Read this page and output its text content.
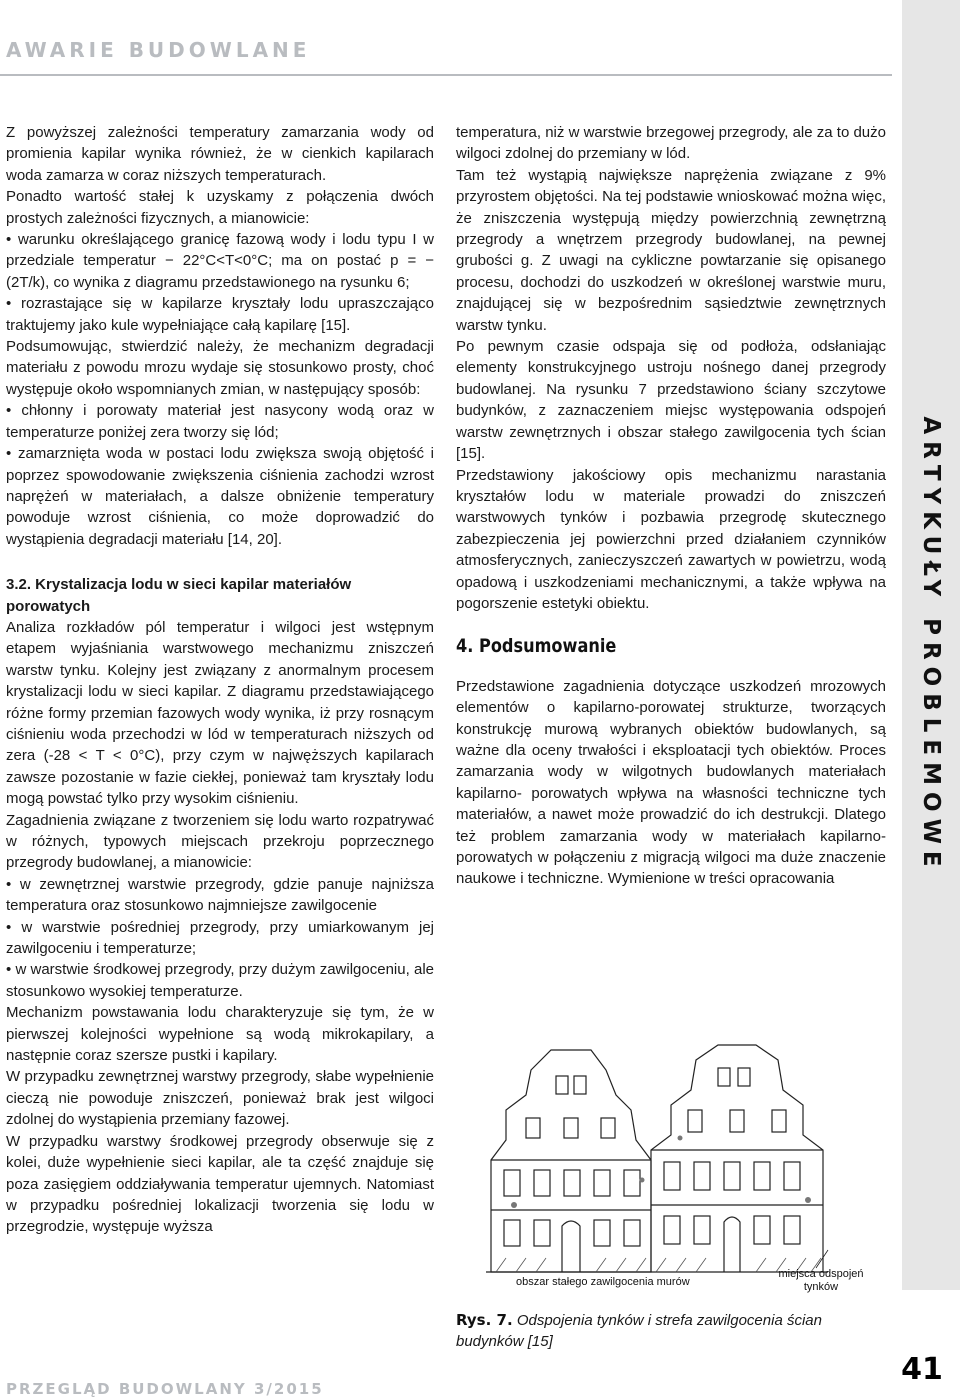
AWARIE BUDOWLANE
ARTYKUŁY PROBLEMOWE

Z powyższej zależności temperatury zamarzania wody od promienia kapilar wynika również, że w cienkich kapilarach woda zamarza w coraz niższych temperaturach.

Ponadto wartość stałej k uzyskamy z połączenia dwóch prostych zależności fizycznych, a mianowicie:

• warunku określającego granicę fazową wody i lodu typu I w przedziale temperatur − 22°C<T<0°C; ma on postać p = − (2T/k), co wynika z diagramu przedstawionego na rysunku 6;

• rozrastające się w kapilarze kryształy lodu upraszczająco traktujemy jako kule wypełniające całą kapilarę [15].

Podsumowując, stwierdzić należy, że mechanizm degradacji materiału z powodu mrozu wydaje się stosunkowo prosty, choć występuje około wspomnianych zmian, w następujący sposób:

• chłonny i porowaty materiał jest nasycony wodą oraz w temperaturze poniżej zera tworzy się lód;

• zamarznięta woda w postaci lodu zwiększa swoją objętość i poprzez spowodowanie zwiększenia ciśnienia zachodzi wzrost naprężeń w materiałach, a dalsze obniżenie temperatury powoduje wzrost ciśnienia, co może doprowadzić do wystąpienia degradacji materiału [14, 20].

3.2. Krystalizacja lodu w sieci kapilar materiałów porowatych

Analiza rozkładów pól temperatur i wilgoci jest wstępnym etapem wyjaśniania warstwowego mechanizmu zniszczeń warstw tynku. Kolejny jest związany z anormalnym procesem krystalizacji lodu w sieci kapilar. Z diagramu przedstawiającego różne formy przemian fazowych wody wynika, iż przy rosnącym ciśnieniu woda przechodzi w lód w temperaturach niższych od zera (-28 < T < 0°C), przy czym w najwęższych kapilarach zawsze pozostanie w fazie ciekłej, ponieważ tam kryształy lodu mogą powstać tylko przy wysokim ciśnieniu.

Zagadnienia związane z tworzeniem się lodu warto rozpatrywać w różnych, typowych miejscach przekroju poprzecznego przegrody budowlanej, a mianowicie:

• w zewnętrznej warstwie przegrody, gdzie panuje najniższa temperatura oraz stosunkowo najmniejsze zawilgocenie

• w warstwie pośredniej przegrody, przy umiarkowanym jej zawilgoceniu i temperaturze;

• w warstwie środkowej przegrody, przy dużym zawilgoceniu, ale stosunkowo wysokiej temperaturze.

Mechanizm powstawania lodu charakteryzuje się tym, że w pierwszej kolejności wypełnione są wodą mikrokapilary, a następnie coraz szersze pustki i kapilary.

W przypadku zewnętrznej warstwy przegrody, słabe wypełnienie cieczą nie powoduje zniszczeń, ponieważ brak jest wilgoci zdolnej do wystąpienia przemiany fazowej.

W przypadku warstwy środkowej przegrody obserwuje się z kolei, duże wypełnienie sieci kapilar, ale ta część znajduje się poza zasięgiem oddziaływania temperatur ujemnych. Natomiast w przypadku pośredniej lokalizacji tworzenia się lodu w przegrodzie, występuje wyższa

temperatura, niż w warstwie brzegowej przegrody, ale za to dużo wilgoci zdolnej do przemiany w lód.

Tam też wystąpią największe naprężenia związane z 9% przyrostem objętości. Na tej podstawie wnioskować można więc, że zniszczenia występują między powierzchnią zewnętrzną przegrody a wnętrzem przegrody budowlanej, na pewnej grubości g. Z uwagi na cykliczne powtarzanie się opisanego procesu, dochodzi do uszkodzeń w określonej warstwie muru, znajdującej się w bezpośrednim sąsiedztwie zewnętrznych warstw tynku.

Po pewnym czasie odspaja się od podłoża, odsłaniając elementy konstrukcyjnego ustroju nośnego danej przegrody budowlanej. Na rysunku 7 przedstawiono ściany szczytowe budynków, z zaznaczeniem miejsc występowania odspojeń warstw zewnętrznych i obszar stałego zawilgocenia tych ścian [15].

Przedstawiony jakościowy opis mechanizmu narastania kryształów lodu w materiale prowadzi do zniszczeń warstwowych tynków i pozbawia przegrodę skutecznego zabezpieczenia jej powierzchni przed działaniem czynników atmosferycznych, zanieczyszczeń zawartych w powietrzu, wodą opadową i uszkodzeniami mechanicznymi, a także wpływa na pogorszenie estetyki obiektu.

4. Podsumowanie

Przedstawione zagadnienia dotyczące uszkodzeń mrozowych elementów o kapilarno-porowatej strukturze, tworzących konstrukcję murową wybranych obiektów budowlanych, są ważne dla oceny trwałości i eksploatacji tych obiektów. Proces zamarzania wody w wilgotnych budowlanych materiałach kapilarno- porowatych wpływa na własności techniczne tych materiałów, a nawet może prowadzić do ich destrukcji. Dlatego też problem zamarzania wody w materiałach kapilarno-porowatych w połączeniu z migracją wilgoci ma duże znaczenie naukowe i techniczne. Wymienione w treści opracowania

obszar stałego zawilgocenia murów
miejsca odspojeń tynków
Rys. 7. Odspojenia tynków i strefa zawilgocenia ścian budynków [15]
PRZEGLĄD BUDOWLANY 3/2015
41
